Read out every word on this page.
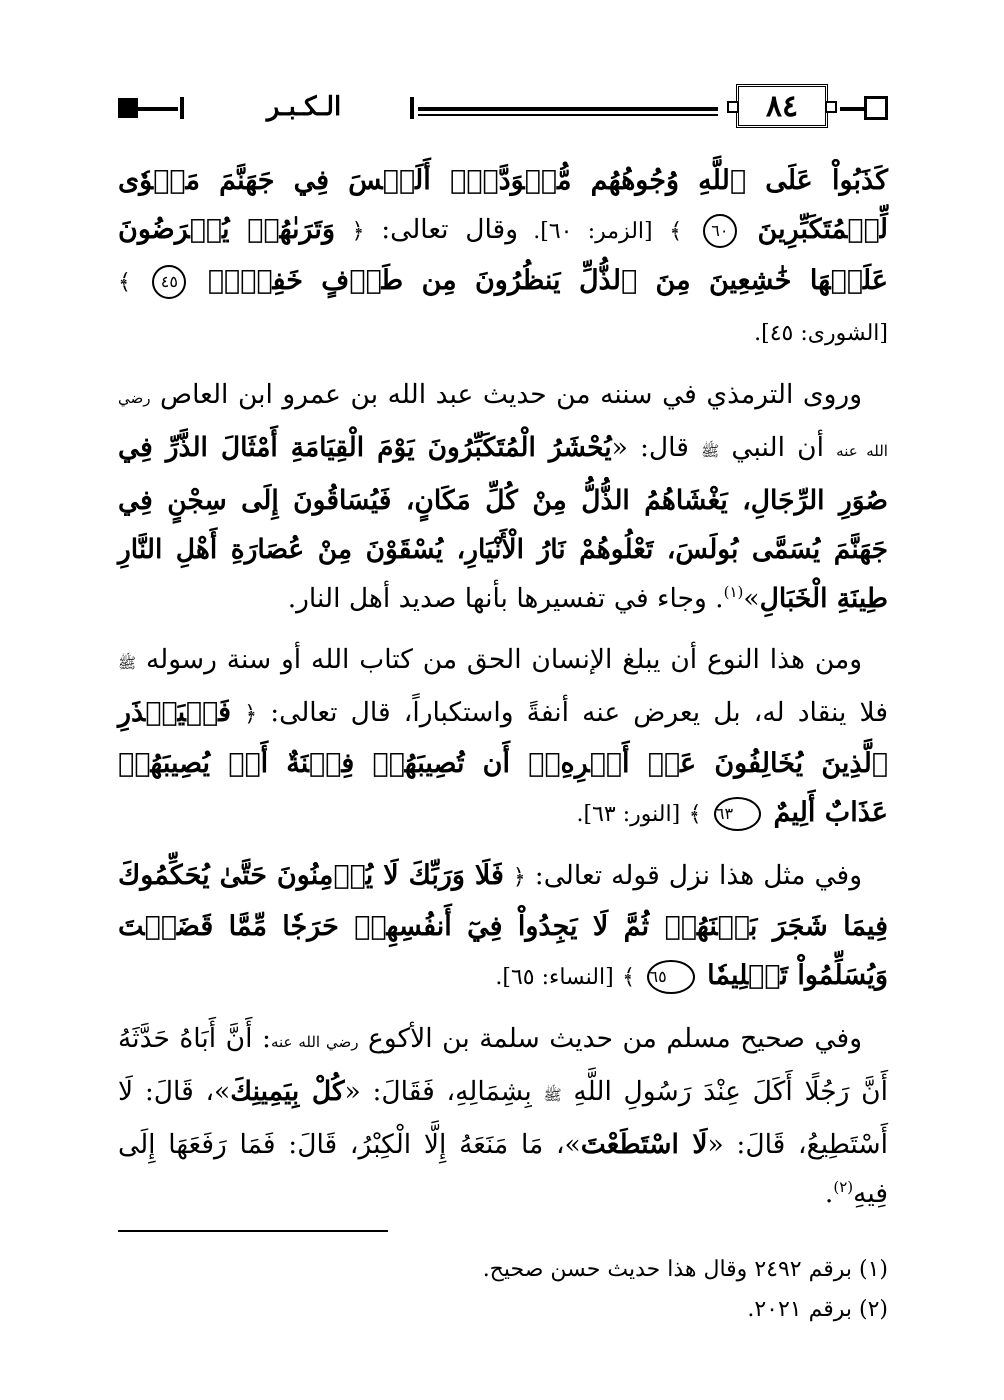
الـكـبـر	٨٤

كَذَبُواْ عَلَى ٱللَّهِ وُجُوهُهُم مُّسۡوَدَّةٌۚ أَلَيۡسَ فِي جَهَنَّمَ مَثۡوٗى لِّلۡمُتَكَبِّرِينَ ٦٠ ﴾ [الزمر: ٦٠]. وقال تعالى: ﴿ وَتَرَىٰهُمۡ يُعۡرَضُونَ عَلَيۡهَا خَٰشِعِينَ مِنَ ٱلذُّلِّ يَنظُرُونَ مِن طَرۡفٍ خَفِيّٖۗ ٤٥ ﴾ [الشورى: ٤٥].

وروى الترمذي في سننه من حديث عبد الله بن عمرو ابن العاص رضي الله عنه أن النبي ﷺ قال: «يُحْشَرُ الْمُتَكَبِّرُونَ يَوْمَ الْقِيَامَةِ أَمْثَالَ الذَّرِّ فِي صُوَرِ الرِّجَالِ، يَغْشَاهُمُ الذُّلُّ مِنْ كُلِّ مَكَانٍ، فَيُسَاقُونَ إِلَى سِجْنٍ فِي جَهَنَّمَ يُسَمَّى بُولَسَ، تَعْلُوهُمْ نَارُ الْأَنْيَارِ، يُسْقَوْنَ مِنْ عُصَارَةِ أَهْلِ النَّارِ طِينَةِ الْخَبَالِ»$^{(١)}$. وجاء في تفسيرها بأنها صديد أهل النار.

ومن هذا النوع أن يبلغ الإنسان الحق من كتاب الله أو سنة رسوله ﷺ فلا ينقاد له، بل يعرض عنه أنفةً واستكباراً، قال تعالى: ﴿ فَلۡيَحۡذَرِ ٱلَّذِينَ يُخَالِفُونَ عَنۡ أَمۡرِهِۦٓ أَن تُصِيبَهُمۡ فِتۡنَةٌ أَوۡ يُصِيبَهُمۡ عَذَابٌ أَلِيمٌ ٦٣ ﴾ [النور: ٦٣].

وفي مثل هذا نزل قوله تعالى: ﴿ فَلَا وَرَبِّكَ لَا يُؤۡمِنُونَ حَتَّىٰ يُحَكِّمُوكَ فِيمَا شَجَرَ بَيۡنَهُمۡ ثُمَّ لَا يَجِدُواْ فِيٓ أَنفُسِهِمۡ حَرَجٗا مِّمَّا قَضَيۡتَ وَيُسَلِّمُواْ تَسۡلِيمٗا ٦٥ ﴾ [النساء: ٦٥].

وفي صحيح مسلم من حديث سلمة بن الأكوع رضي الله عنه: أَنَّ أَبَاهُ حَدَّثَهُ أَنَّ رَجُلًا أَكَلَ عِنْدَ رَسُولِ اللَّهِ ﷺ بِشِمَالِهِ، فَقَالَ: «كُلْ بِيَمِينِكَ»، قَالَ: لَا أَسْتَطِيعُ، قَالَ: «لَا اسْتَطَعْتَ»، مَا مَنَعَهُ إِلَّا الْكِبْرُ، قَالَ: فَمَا رَفَعَهَا إِلَى فِيهِ$^{(٢)}$.

(١) برقم ٢٤٩٢ وقال هذا حديث حسن صحيح.

(٢) برقم ٢٠٢١.
